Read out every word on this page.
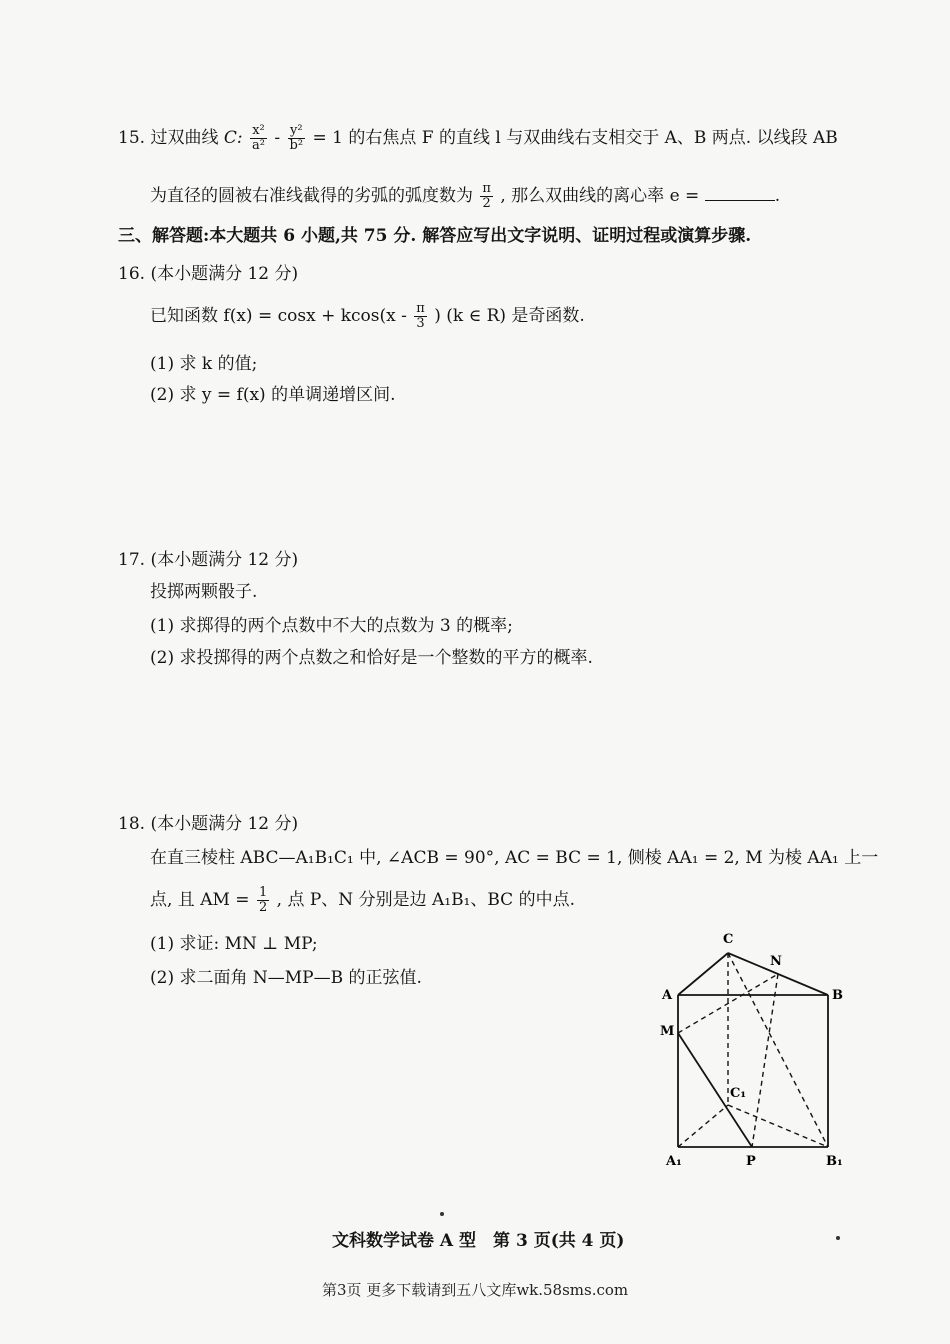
15. 过双曲线 C: $\frac{\text{x²}}{\text{a²}} - \frac{\text{y²}}{\text{b²}} = 1$ 的右焦点 F 的直线 l 与双曲线右支相交于 A、B 两点. 以线段 AB
为直径的圆被右准线截得的劣弧的弧度数为 $\frac{\pi}{2}$ , 那么双曲线的离心率 e =	.
三、解答题:本大题共 6 小题,共 75 分. 解答应写出文字说明、证明过程或演算步骤.
16. (本小题满分 12 分)
已知函数 $f(x) = \cos x + kcos(x - \frac{\pi}{3}$ ) (k ∈ R) 是奇函数.
(1) 求 k 的值;
(2) 求 y = f(x) 的单调递增区间.
17. (本小题满分 12 分)
投掷两颗骰子.
(1) 求掷得的两个点数中不大的点数为 3 的概率;
(2) 求投掷得的两个点数之和恰好是一个整数的平方的概率.
18. (本小题满分 12 分)
在直三棱柱 ABC—A₁B₁C₁ 中, ∠ACB = 90°, AC = BC = 1, 侧棱 AA₁ = 2, M 为棱 AA₁ 上一
点, 且 AM = $\frac{1}{2}$ , 点 P、N 分别是边 A₁B₁、BC 的中点.
(1) 求证: MN ⊥ MP;
(2) 求二面角 N—MP—B 的正弦值.
C
N
A	B
M
C₁
A₁	P	B₁
文科数学试卷 A 型　第 3 页(共 4 页)
第3页 更多下载请到五八文库wk.58sms.com
